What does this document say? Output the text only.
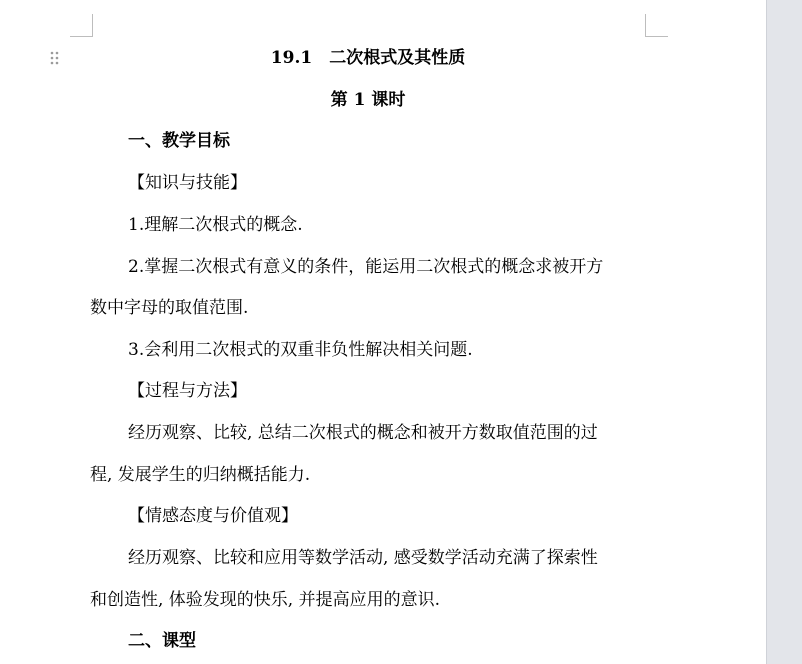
19.1　二次根式及其性质
第 1 课时
一、教学目标
【知识与技能】
1.理解二次根式的概念.
2.掌握二次根式有意义的条件，能运用二次根式的概念求被开方
数中字母的取值范围.
3.会利用二次根式的双重非负性解决相关问题.
【过程与方法】
经历观察、比较, 总结二次根式的概念和被开方数取值范围的过
程, 发展学生的归纳概括能力.
【情感态度与价值观】
经历观察、比较和应用等数学活动, 感受数学活动充满了探索性
和创造性, 体验发现的快乐, 并提高应用的意识.
二、课型
